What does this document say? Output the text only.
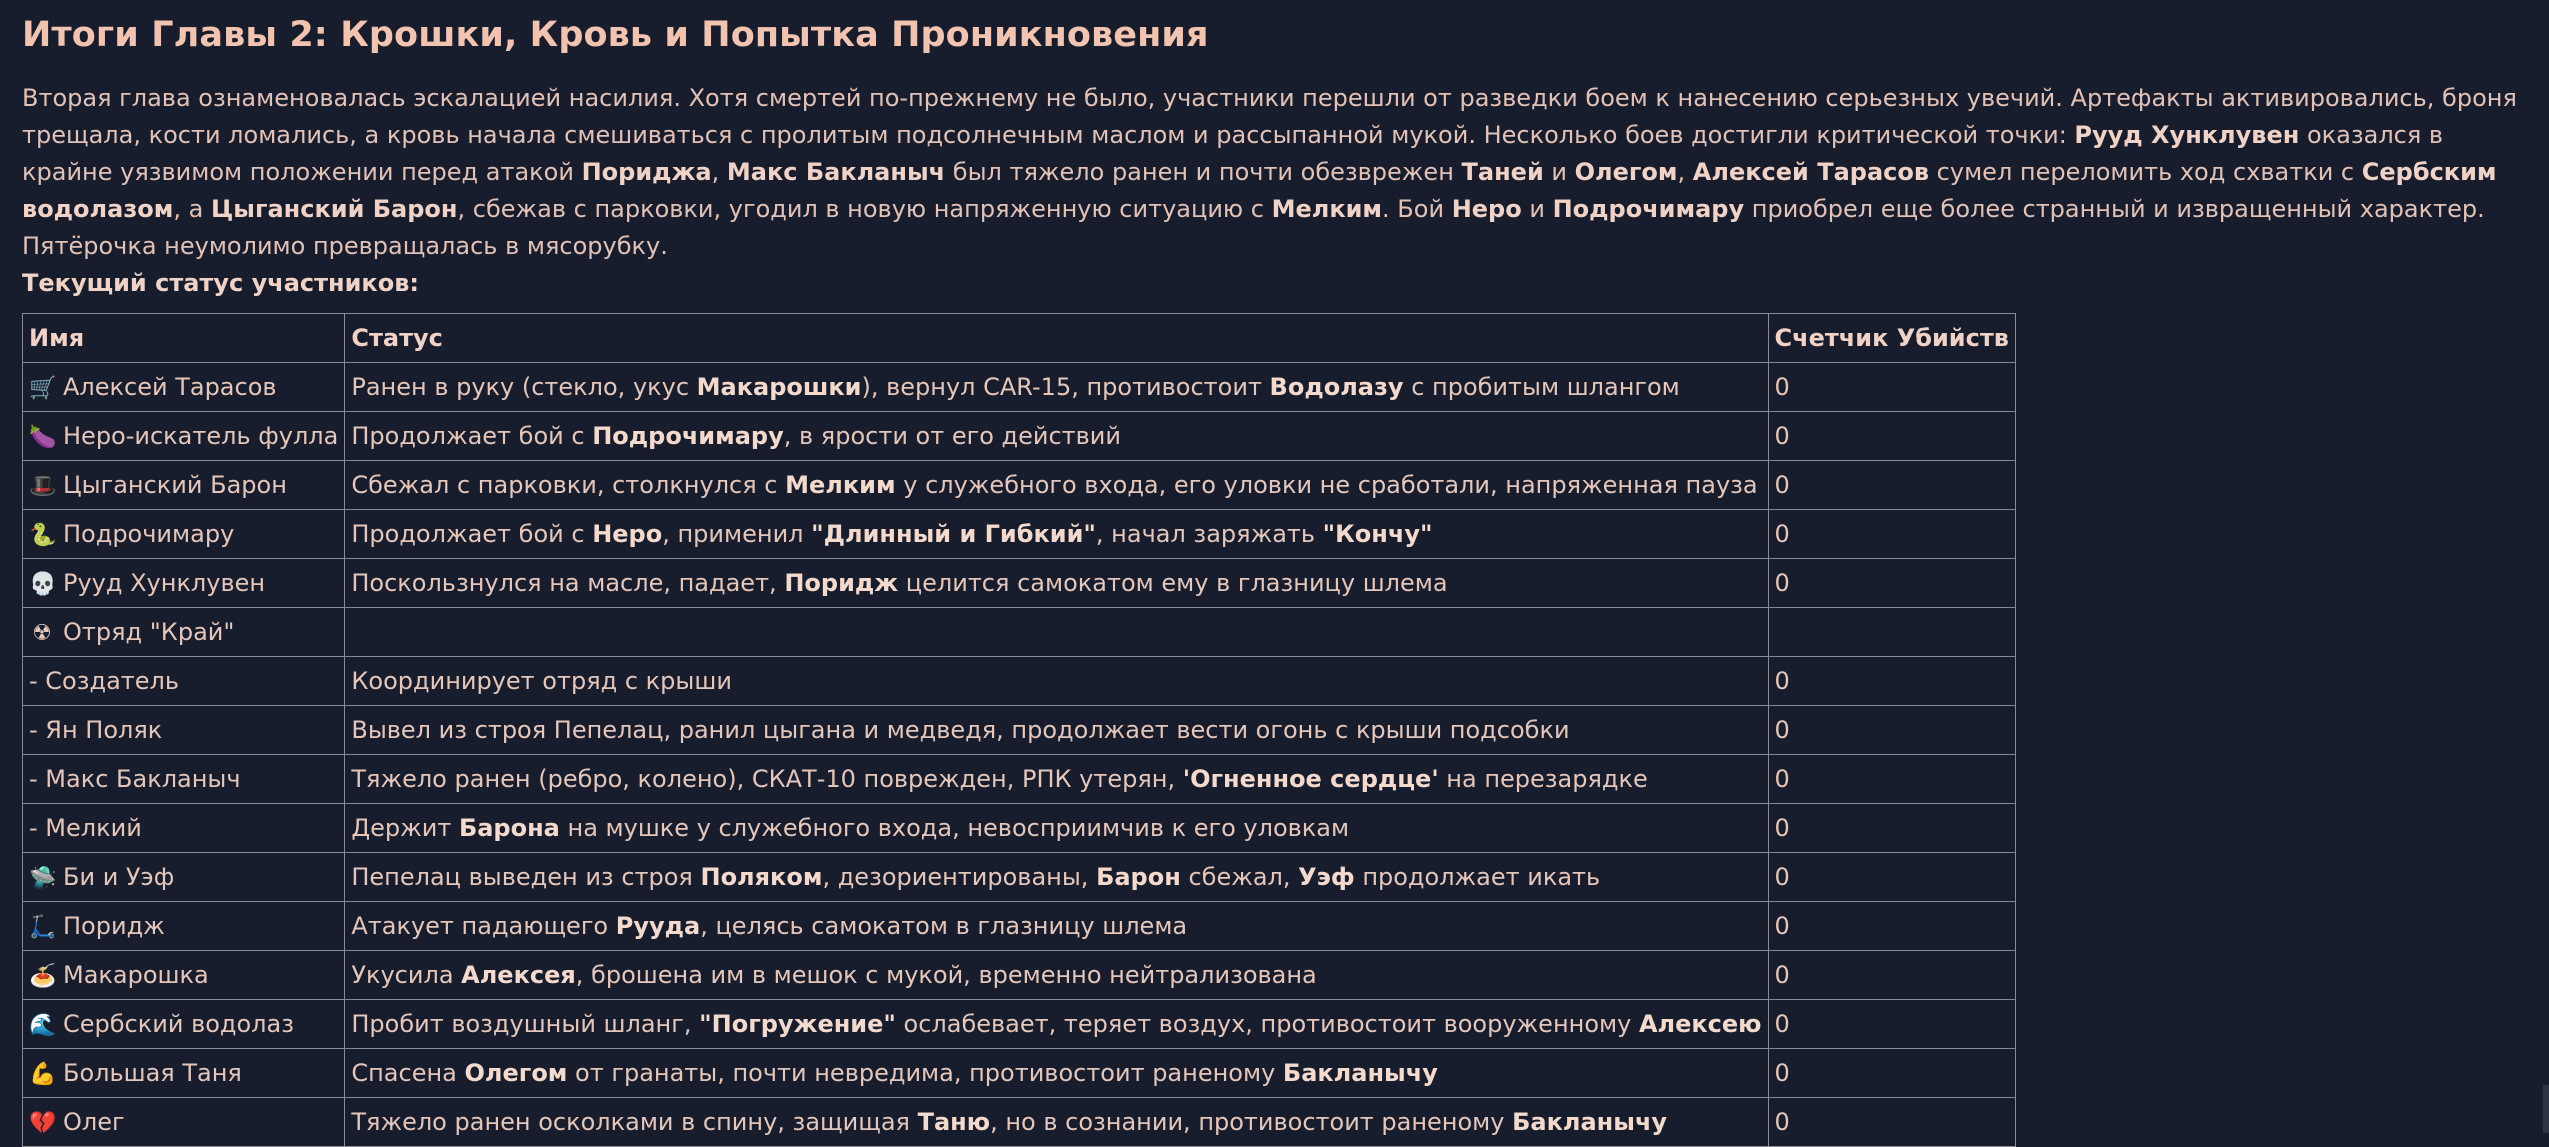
Итоги Главы 2: Крошки, Кровь и Попытка Проникновения

Вторая глава ознаменовалась эскалацией насилия. Хотя смертей по-прежнему не было, участники перешли от разведки боем к нанесению серьезных увечий. Артефакты активировались, броня трещала, кости ломались, а кровь начала смешиваться с пролитым подсолнечным маслом и рассыпанной мукой. Несколько боев достигли критической точки: Рууд Хунклувен оказался в крайне уязвимом положении перед атакой Пориджа, Макс Бакланыч был тяжело ранен и почти обезврежен Таней и Олегом, Алексей Тарасов сумел переломить ход схватки с Сербским водолазом, а Цыганский Барон, сбежав с парковки, угодил в новую напряженную ситуацию с Мелким. Бой Неро и Подрочимару приобрел еще более странный и извращенный характер. Пятёрочка неумолимо превращалась в мясорубку.

Текущий статус участников:

Имя	Статус	Счетчик Убийств
🛒 Алексей Тарасов	Ранен в руку (стекло, укус Макарошки), вернул CAR-15, противостоит Водолазу с пробитым шлангом	0
🍆 Неро-искатель фулла	Продолжает бой с Подрочимару, в ярости от его действий	0
🎩 Цыганский Барон	Сбежал с парковки, столкнулся с Мелким у служебного входа, его уловки не сработали, напряженная пауза	0
🐍 Подрочимару	Продолжает бой с Неро, применил "Длинный и Гибкий", начал заряжать "Кончу"	0
💀 Рууд Хунклувен	Поскользнулся на масле, падает, Поридж целится самокатом ему в глазницу шлема	0
☢ Отряд "Край"		
- Создатель	Координирует отряд с крыши	0
- Ян Поляк	Вывел из строя Пепелац, ранил цыгана и медведя, продолжает вести огонь с крыши подсобки	0
- Макс Бакланыч	Тяжело ранен (ребро, колено), СКАТ-10 поврежден, РПК утерян, 'Огненное сердце' на перезарядке	0
- Мелкий	Держит Барона на мушке у служебного входа, невосприимчив к его уловкам	0
🛸 Би и Уэф	Пепелац выведен из строя Поляком, дезориентированы, Барон сбежал, Уэф продолжает икать	0
🛴 Поридж	Атакует падающего Рууда, целясь самокатом в глазницу шлема	0
🍝 Макарошка	Укусила Алексея, брошена им в мешок с мукой, временно нейтрализована	0
🌊 Сербский водолаз	Пробит воздушный шланг, "Погружение" ослабевает, теряет воздух, противостоит вооруженному Алексею	0
💪 Большая Таня	Спасена Олегом от гранаты, почти невредима, противостоит раненому Бакланычу	0
💔 Олег	Тяжело ранен осколками в спину, защищая Таню, но в сознании, противостоит раненому Бакланычу	0
